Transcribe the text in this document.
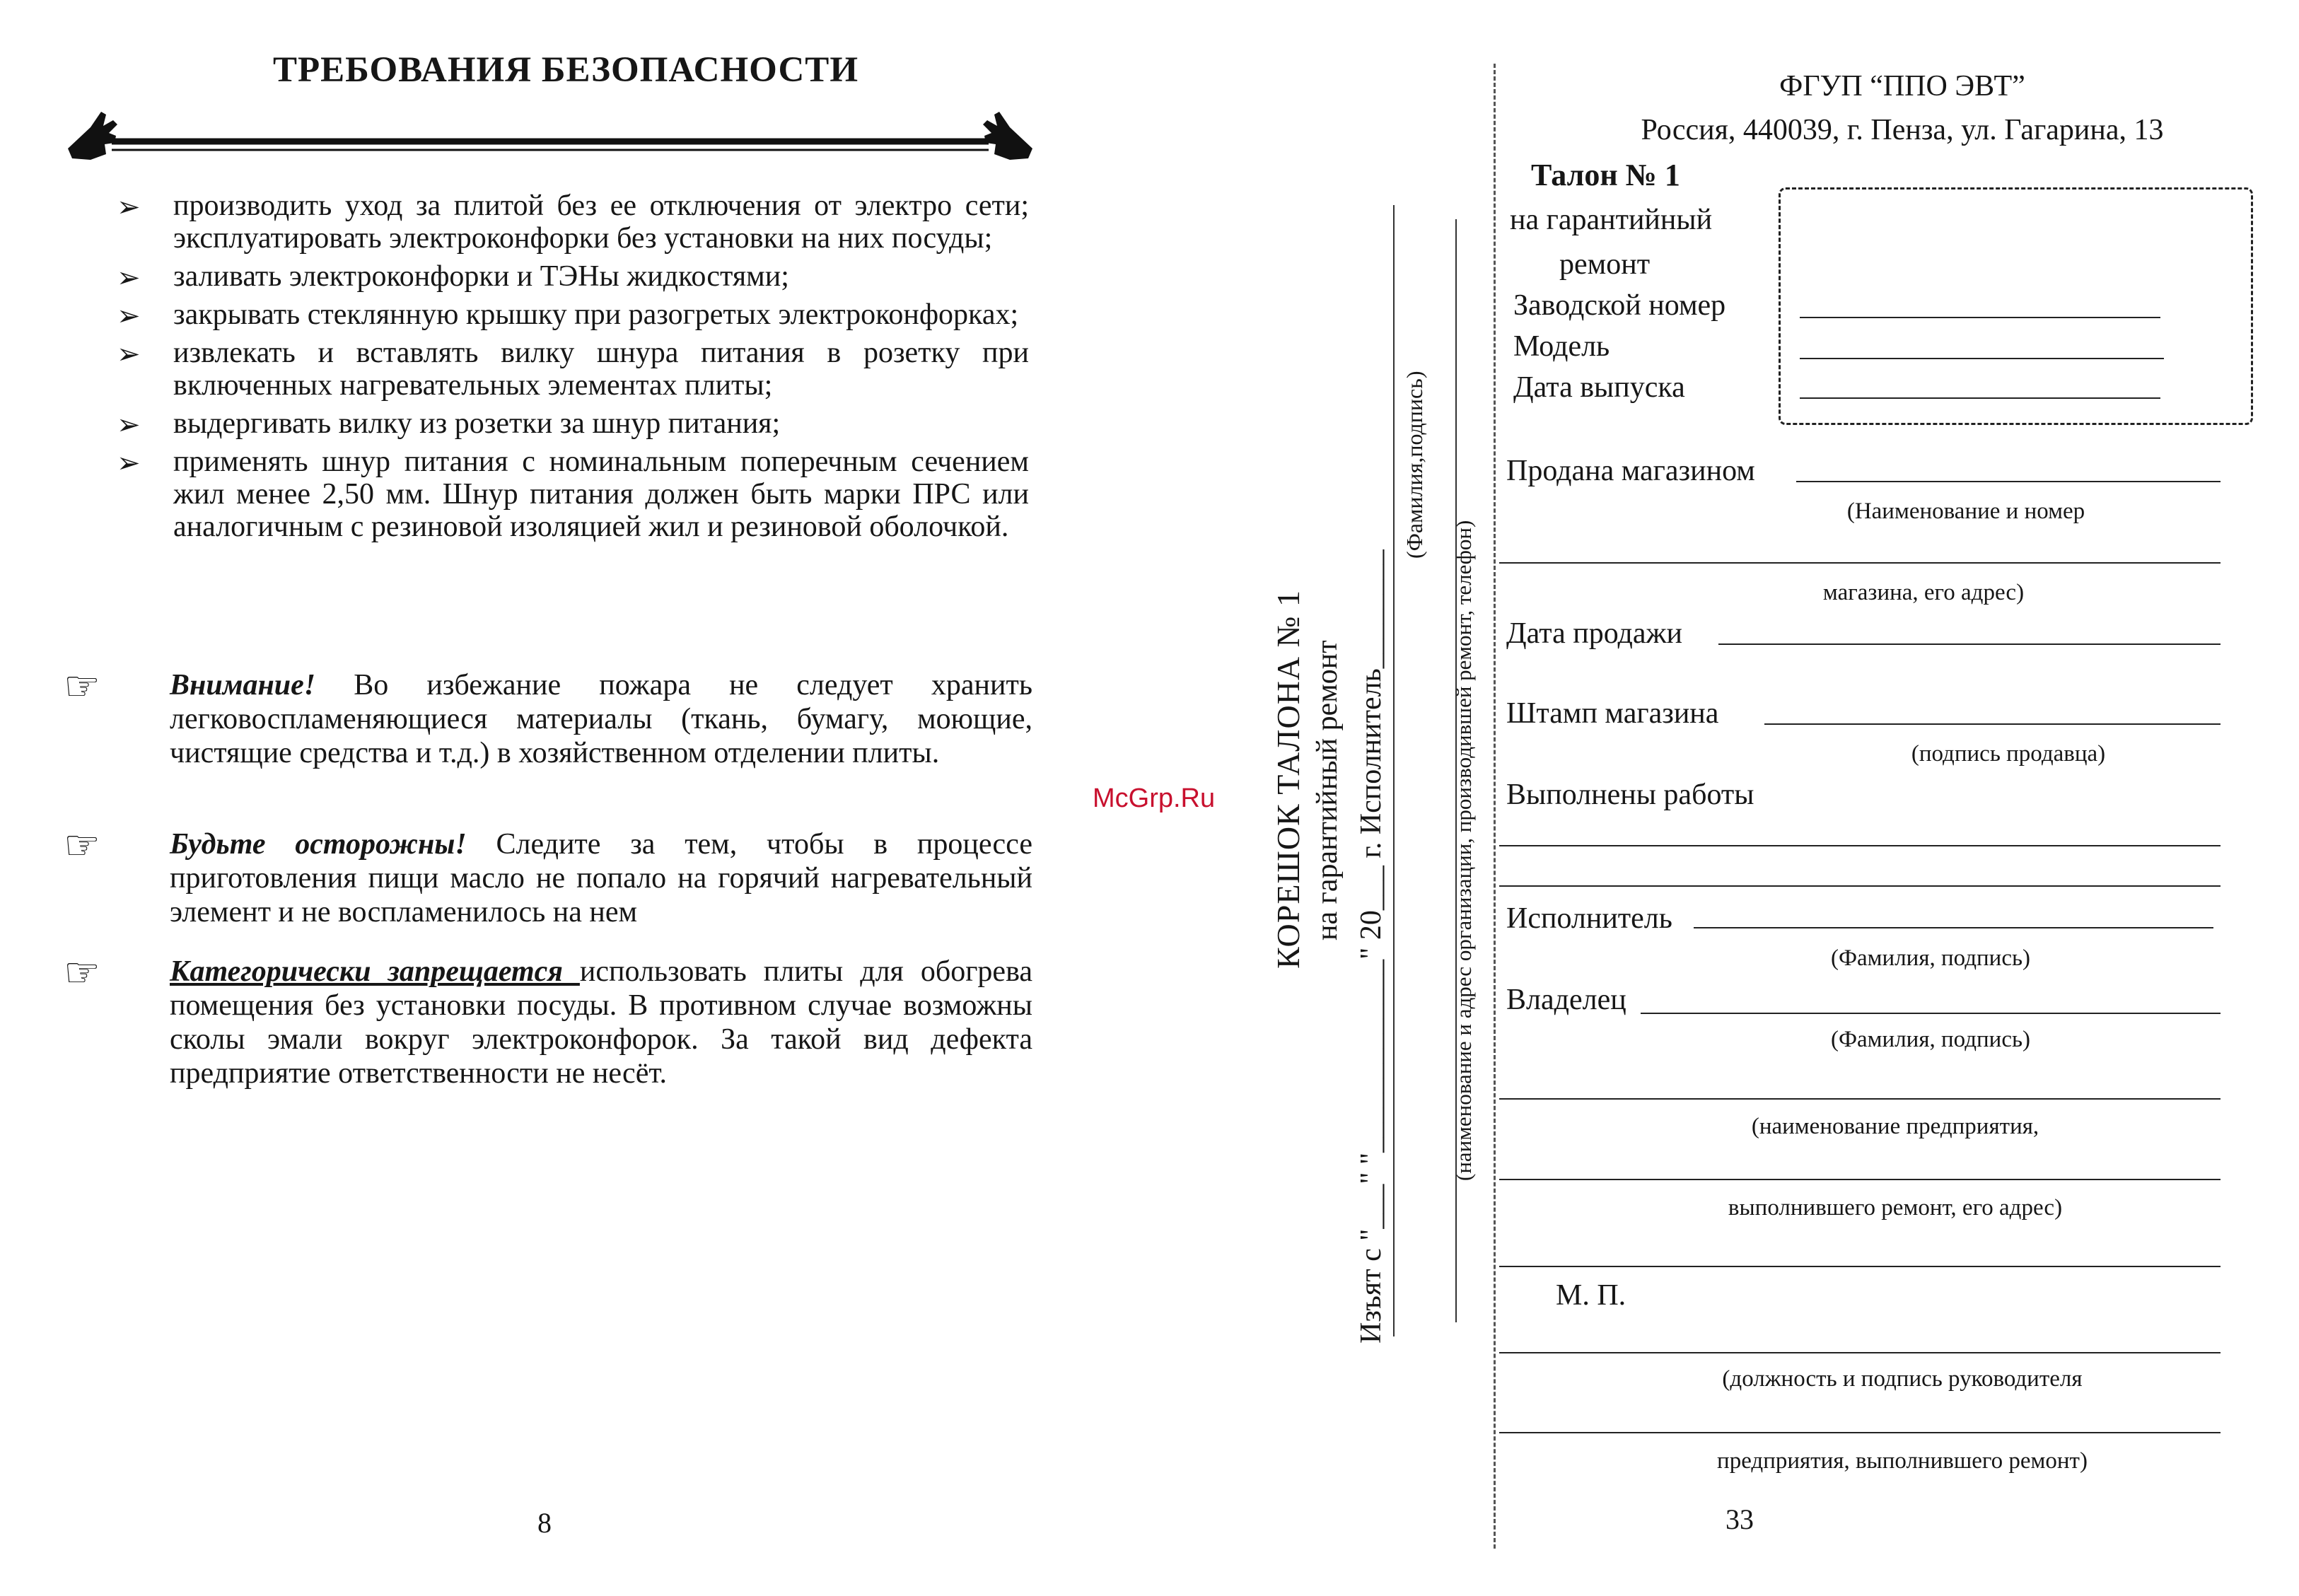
ТРЕБОВАНИЯ БЕЗОПАСНОСТИ
➢ производить уход за плитой без ее отключения от электро сети; эксплуатировать электроконфорки без установки на них посуды;
➢ заливать электроконфорки и ТЭНы жидкостями;
➢ закрывать стеклянную крышку при разогретых электроконфорках;
➢ извлекать и вставлять вилку шнура питания в розетку при включенных нагревательных элементах плиты;
➢ выдергивать вилку из розетки за шнур питания;
➢ применять шнур питания с номинальным поперечным сечением жил менее 2,50 мм. Шнур питания должен быть марки ПРС или аналогичным с резиновой изоляцией жил и резиновой оболочкой.
☞ Внимание! Во избежание пожара не следует хранить легковоспламеняющиеся материалы (ткань, бумагу, моющие, чистящие средства и т.д.) в хозяйственном отделении плиты.
☞ Будьте осторожны! Следите за тем, чтобы в процессе приготовления пищи масло не попало на горячий нагревательный элемент и не воспламенилось на нем
☞ Категорически запрещается использовать плиты для обогрева помещения без установки посуды. В противном случае возможны сколы эмали вокруг электроконфорок. За такой вид дефекта предприятие ответственности не несёт.
8
КОРЕШОК ТАЛОНА № 1 на гарантийный ремонт Изъят с "___" "_____________" 20___ г. Исполнитель________
(Фамилия,подпись)
(наименование и адрес организации, производившей ремонт, телефон)
McGrp.Ru
ФГУП “ППО ЭВТ”
Россия, 440039, г. Пенза, ул. Гагарина, 13
Талон № 1
на гарантийный
ремонт
Заводской номер
Модель
Дата выпуска
Продана магазином
(Наименование и номер
магазина, его адрес)
Дата продажи
Штамп магазина
(подпись продавца)
Выполнены работы
Исполнитель
(Фамилия, подпись)
Владелец
(Фамилия, подпись)
(наименование предприятия,
выполнившего ремонт, его адрес)
М. П.
(должность и подпись руководителя
предприятия, выполнившего ремонт)
33
